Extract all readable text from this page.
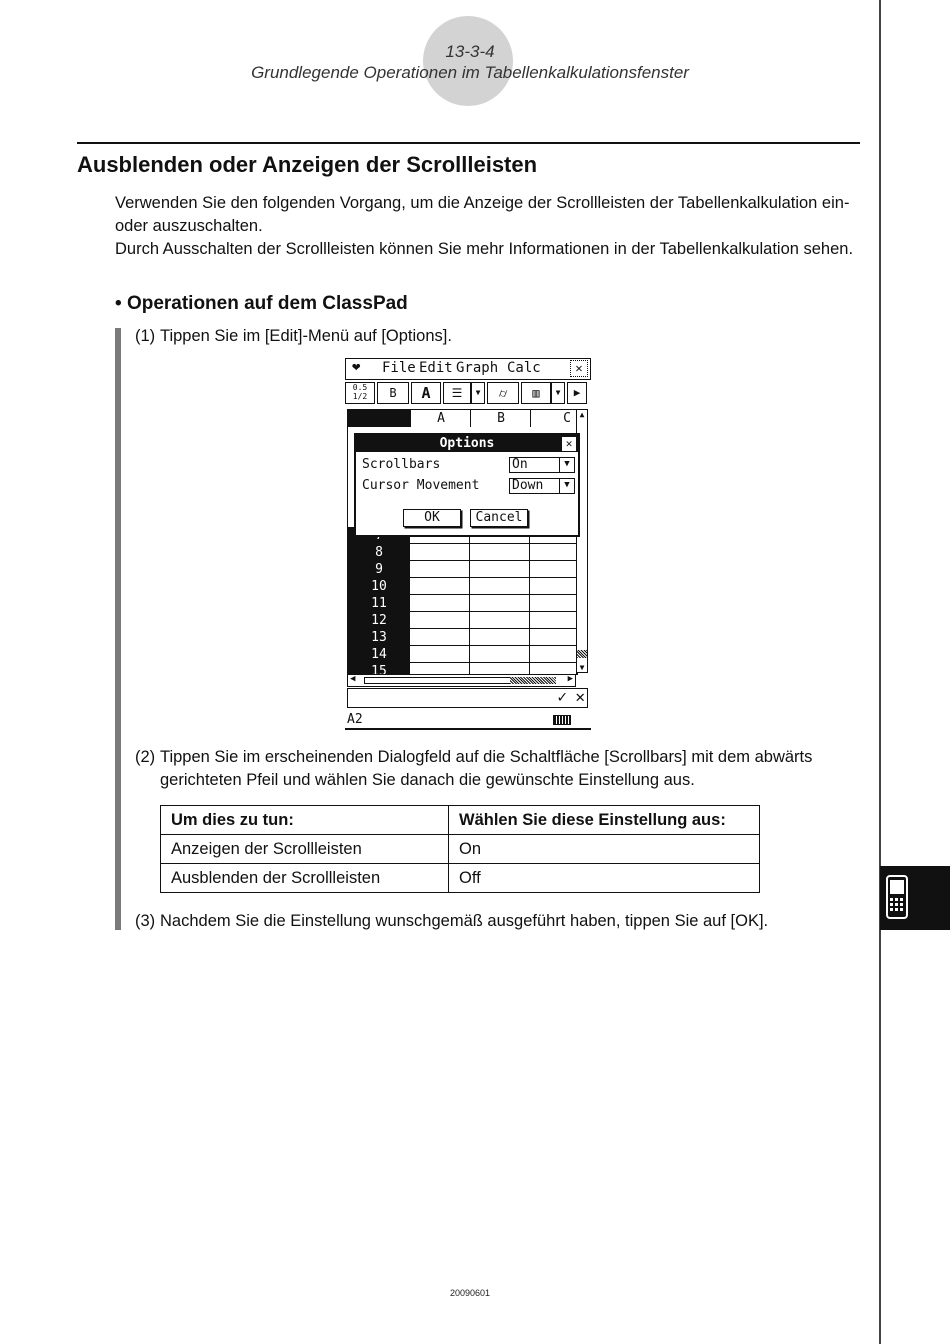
13-3-4
Grundlegende Operationen im Tabellenkalkulationsfenster
Ausblenden oder Anzeigen der Scrollleisten
Verwenden Sie den folgenden Vorgang, um die Anzeige der Scrollleisten der Tabellenkalkulation ein- oder auszuschalten.
Durch Ausschalten der Scrollleisten können Sie mehr Informationen in der Tabellenkalkulation sehen.
• Operationen auf dem ClassPad
(1) Tippen Sie im [Edit]-Menü auf [Options].
❤ File Edit Graph Calc	✕
0.5 1/2	B	A	☰	▼	⌭	▥	▼	▶
A	B	C
8
9
10
11
12
13
14
15
▲
▼
Options	✕
Scrollbars	On	▼
Cursor Movement	Down	▼
OK	Cancel
◀	▶
✓ ✕
A2
(2) Tippen Sie im erscheinenden Dialogfeld auf die Schaltfläche [Scrollbars] mit dem abwärts gerichteten Pfeil und wählen Sie danach die gewünschte Einstellung aus.
Um dies zu tun:	Wählen Sie diese Einstellung aus:
Anzeigen der Scrollleisten	On
Ausblenden der Scrollleisten	Off
(3) Nachdem Sie die Einstellung wunschgemäß ausgeführt haben, tippen Sie auf [OK].
20090601
